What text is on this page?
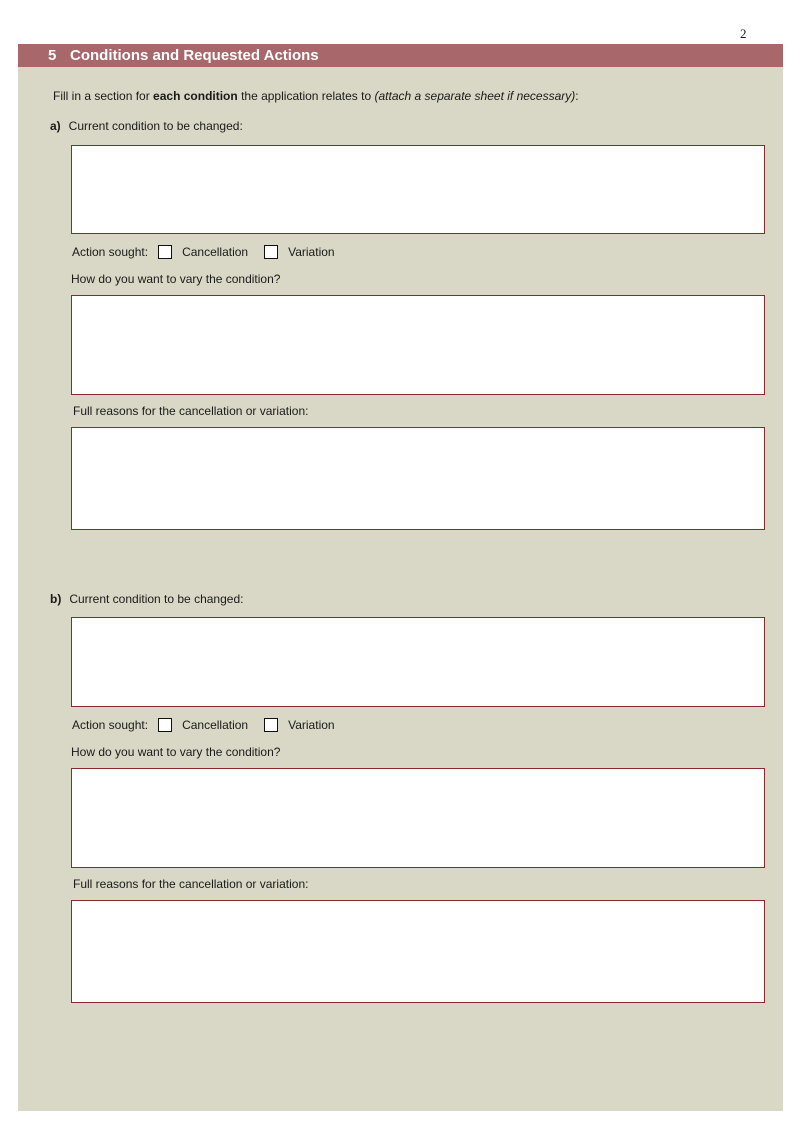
2
5 Conditions and Requested Actions
Fill in a section for each condition the application relates to (attach a separate sheet if necessary):
a) Current condition to be changed:
Action sought:	Cancellation	Variation
How do you want to vary the condition?
Full reasons for the cancellation or variation:
b) Current condition to be changed:
Action sought:	Cancellation	Variation
How do you want to vary the condition?
Full reasons for the cancellation or variation:
